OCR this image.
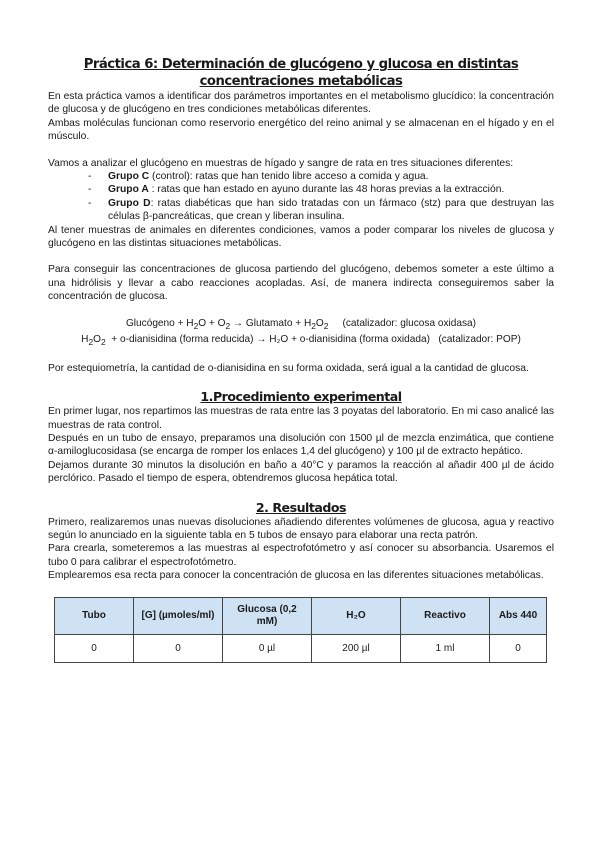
Práctica 6: Determinación de glucógeno y glucosa en distintas
concentraciones metabólicas

En esta práctica vamos a identificar dos parámetros importantes en el metabolismo glucídico: la concentración de glucosa y de glucógeno en tres condiciones metabólicas diferentes.

Ambas moléculas funcionan como reservorio energético del reino animal y se almacenan en el hígado y en el músculo.

Vamos a analizar el glucógeno en muestras de hígado y sangre de rata en tres situaciones diferentes:

- Grupo C (control): ratas que han tenido libre acceso a comida y agua.
- Grupo A : ratas que han estado en ayuno durante las 48 horas previas a la extracción.
- Grupo D: ratas diabéticas que han sido tratadas con un fármaco (stz) para que destruyan las células β-pancreáticas, que crean y liberan insulina.

Al tener muestras de animales en diferentes condiciones, vamos a poder comparar los niveles de glucosa y glucógeno en las distintas situaciones metabólicas.

Para conseguir las concentraciones de glucosa partiendo del glucógeno, debemos someter a este último a una hidrólisis y llevar a cabo reacciones acopladas. Así, de manera indirecta conseguiremos saber la concentración de glucosa.

Glucógeno + $H_2O + O_2$ → Glutamato + $H_2O_2$     (catalizador: glucosa oxidasa)
$H_2O_2$  + o-dianisidina (forma reducida) → H₂O + o-dianisidina (forma oxidada)   (catalizador: POP)

Por estequiometría, la cantidad de o-dianisidina en su forma oxidada, será igual a la cantidad de glucosa.

1.Procedimiento experimental

En primer lugar, nos repartimos las muestras de rata entre las 3 poyatas del laboratorio. En mi caso analicé las muestras de rata control.

Después en un tubo de ensayo, preparamos una disolución con 1500 µl de mezcla enzimática, que contiene α-amiloglucosidasa (se encarga de romper los enlaces 1,4 del glucógeno) y 100 µl de extracto hepático.

Dejamos durante 30 minutos la disolución en baño a 40°C y paramos la reacción al añadir 400 µl de ácido perclórico. Pasado el tiempo de espera, obtendremos glucosa hepática total.

2. Resultados

Primero, realizaremos unas nuevas disoluciones añadiendo diferentes volúmenes de glucosa, agua y reactivo según lo anunciado en la siguiente tabla en 5 tubos de ensayo para elaborar una recta patrón.

Para crearla, someteremos a las muestras al espectrofotómetro y así conocer su absorbancia. Usaremos el tubo 0 para calibrar el espectrofotómetro.

Emplearemos esa recta para conocer la concentración de glucosa en las diferentes situaciones metabólicas.

Tubo	[G] (µmoles/ml)	Glucosa (0,2 mM)	H₂O	Reactivo	Abs 440
0	0	0 µl	200 µl	1 ml	0
